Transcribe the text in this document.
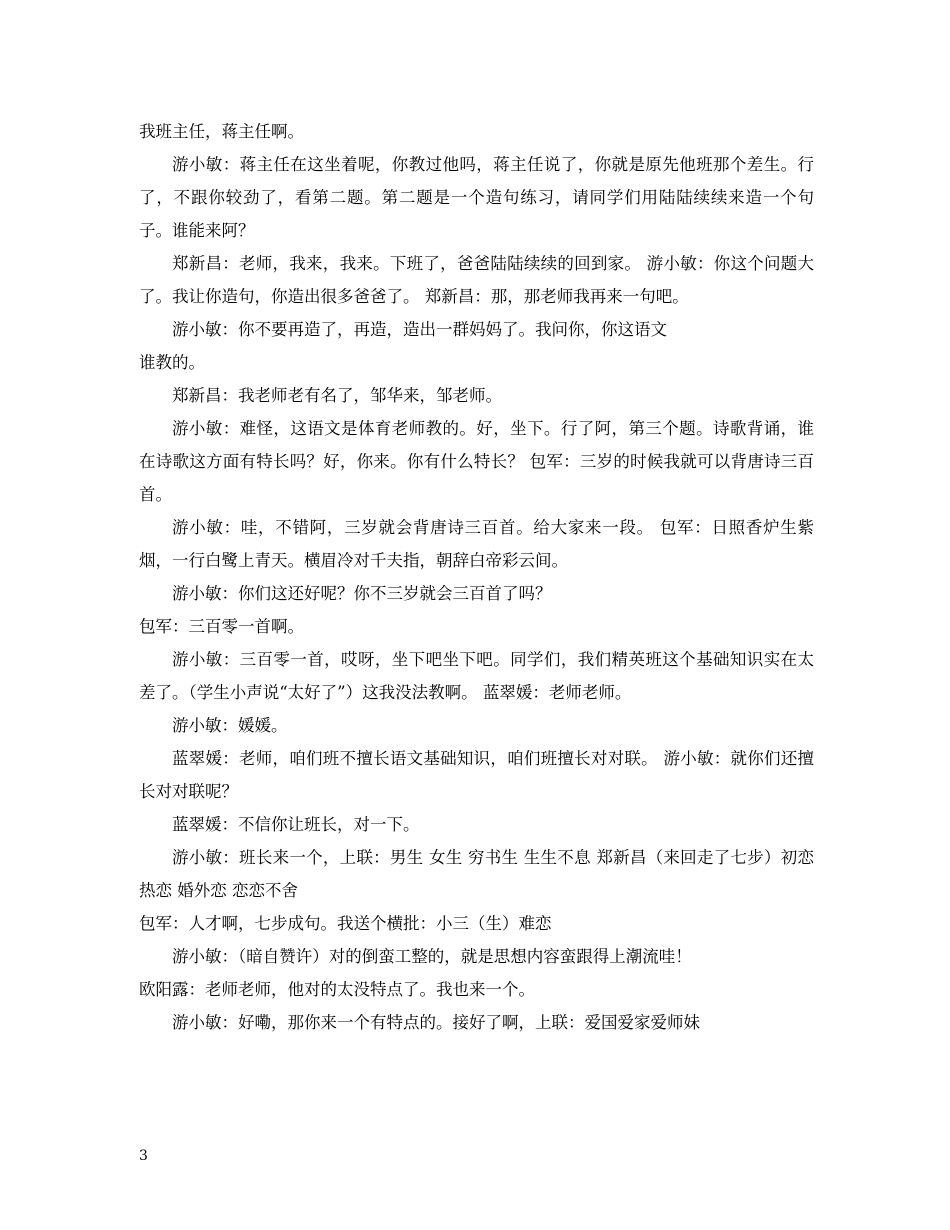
我班主任，蒋主任啊。

游小敏：蒋主任在这坐着呢，你教过他吗，蒋主任说了，你就是原先他班那个差生。行了，不跟你较劲了，看第二题。第二题是一个造句练习，请同学们用陆陆续续来造一个句子。谁能来阿？

郑新昌：老师，我来，我来。下班了，爸爸陆陆续续的回到家。 游小敏：你这个问题大了。我让你造句，你造出很多爸爸了。 郑新昌：那，那老师我再来一句吧。

游小敏：你不要再造了，再造，造出一群妈妈了。我问你，你这语文

谁教的。

郑新昌：我老师老有名了，邹华来，邹老师。

游小敏：难怪，这语文是体育老师教的。好，坐下。行了阿，第三个题。诗歌背诵，谁在诗歌这方面有特长吗？好，你来。你有什么特长？ 包军：三岁的时候我就可以背唐诗三百首。

游小敏：哇，不错阿，三岁就会背唐诗三百首。给大家来一段。 包军：日照香炉生紫烟，一行白鹭上青天。横眉冷对千夫指，朝辞白帝彩云间。

游小敏：你们这还好呢？你不三岁就会三百首了吗？

包军：三百零一首啊。

游小敏：三百零一首，哎呀，坐下吧坐下吧。同学们，我们精英班这个基础知识实在太差了。（学生小声说“太好了”）这我没法教啊。 蓝翠媛：老师老师。

游小敏：媛媛。

蓝翠媛：老师，咱们班不擅长语文基础知识，咱们班擅长对对联。 游小敏：就你们还擅长对对联呢？

蓝翠媛：不信你让班长，对一下。

游小敏：班长来一个，上联：男生 女生 穷书生 生生不息 郑新昌（来回走了七步）初恋 热恋 婚外恋 恋恋不舍

包军：人才啊，七步成句。我送个横批：小三（生）难恋

游小敏：（暗自赞许）对的倒蛮工整的，就是思想内容蛮跟得上潮流哇！

欧阳露：老师老师，他对的太没特点了。我也来一个。

游小敏：好嘞，那你来一个有特点的。接好了啊，上联：爱国爱家爱师妹

3
